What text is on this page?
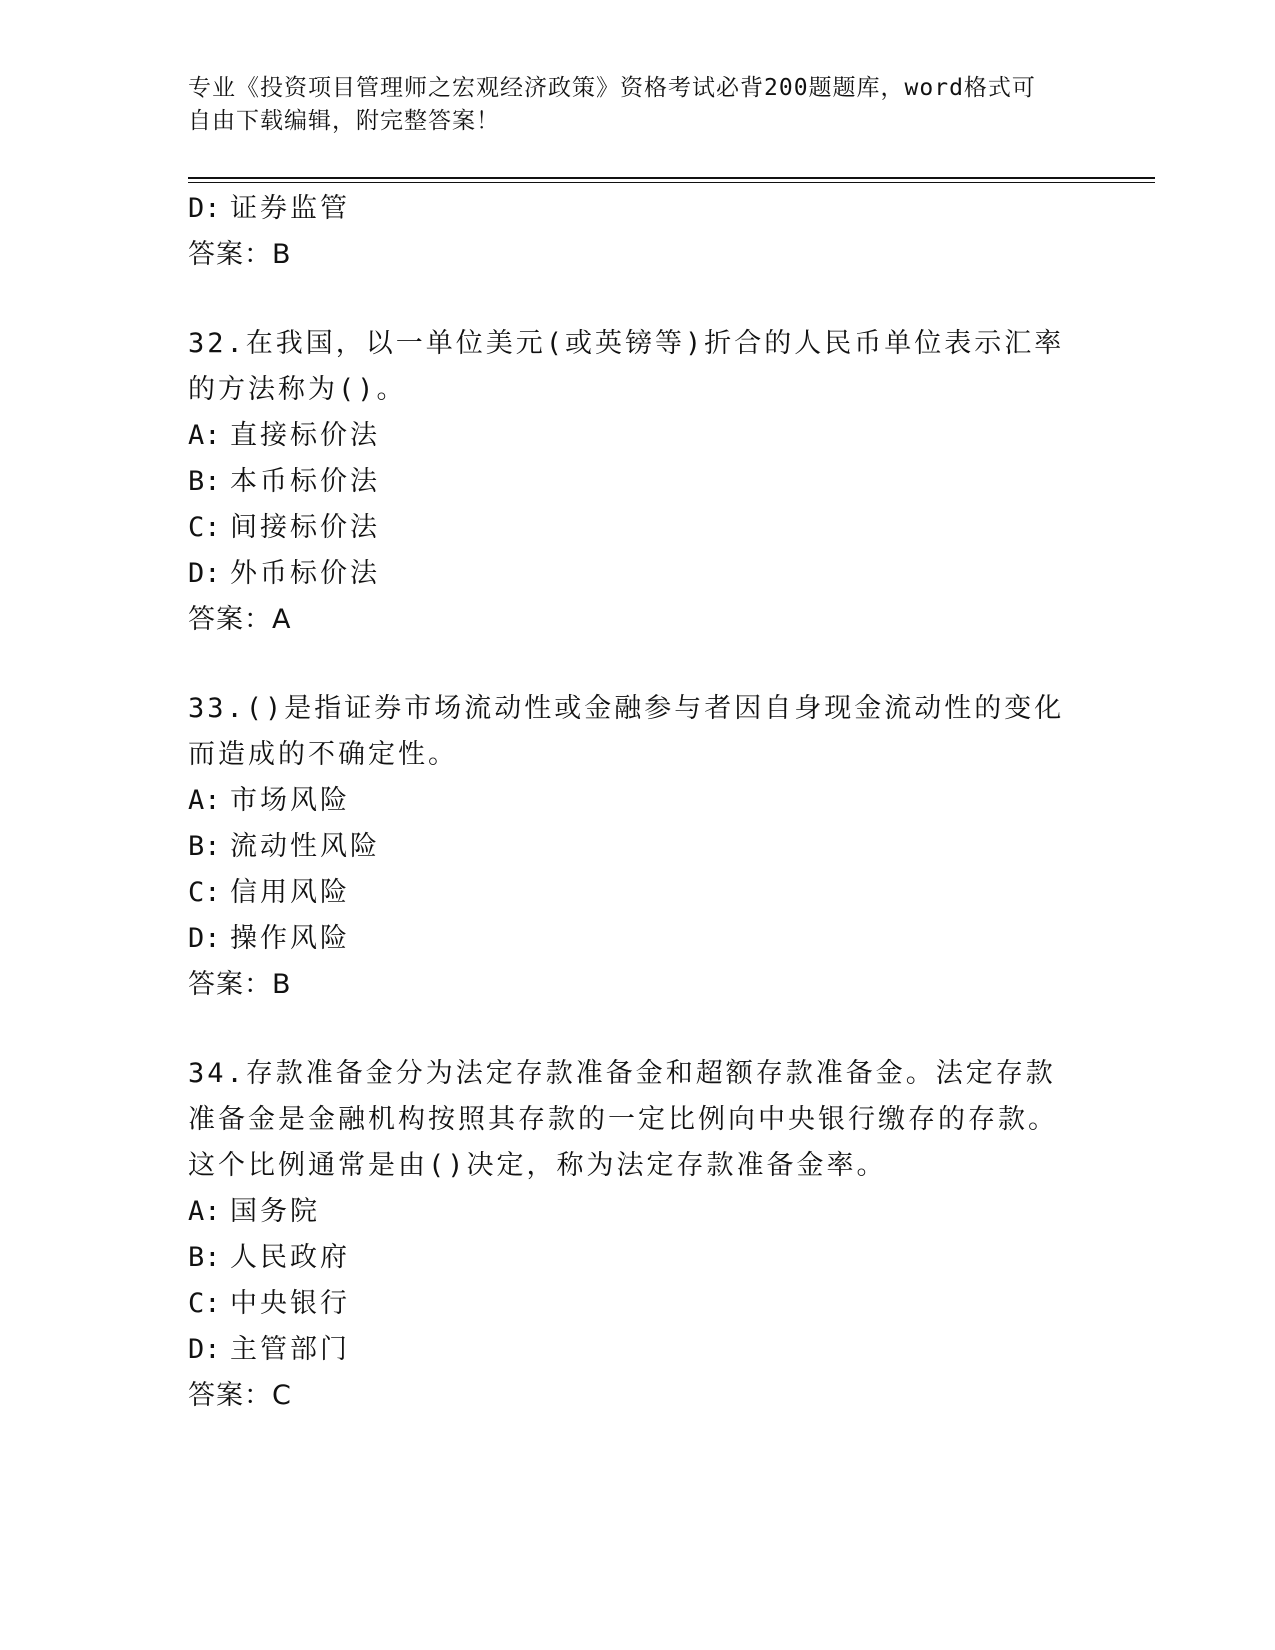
专业《投资项目管理师之宏观经济政策》资格考试必背200题题库，word格式可
自由下载编辑，附完整答案！
D: 证券监管
答案：B
32.在我国，以一单位美元(或英镑等)折合的人民币单位表示汇率的方法称为()。
A: 直接标价法
B: 本币标价法
C: 间接标价法
D: 外币标价法
答案：A
33.()是指证券市场流动性或金融参与者因自身现金流动性的变化而造成的不确定性。
A: 市场风险
B: 流动性风险
C: 信用风险
D: 操作风险
答案：B
34.存款准备金分为法定存款准备金和超额存款准备金。法定存款准备金是金融机构按照其存款的一定比例向中央银行缴存的存款。这个比例通常是由()决定，称为法定存款准备金率。
A: 国务院
B: 人民政府
C: 中央银行
D: 主管部门
答案：C
